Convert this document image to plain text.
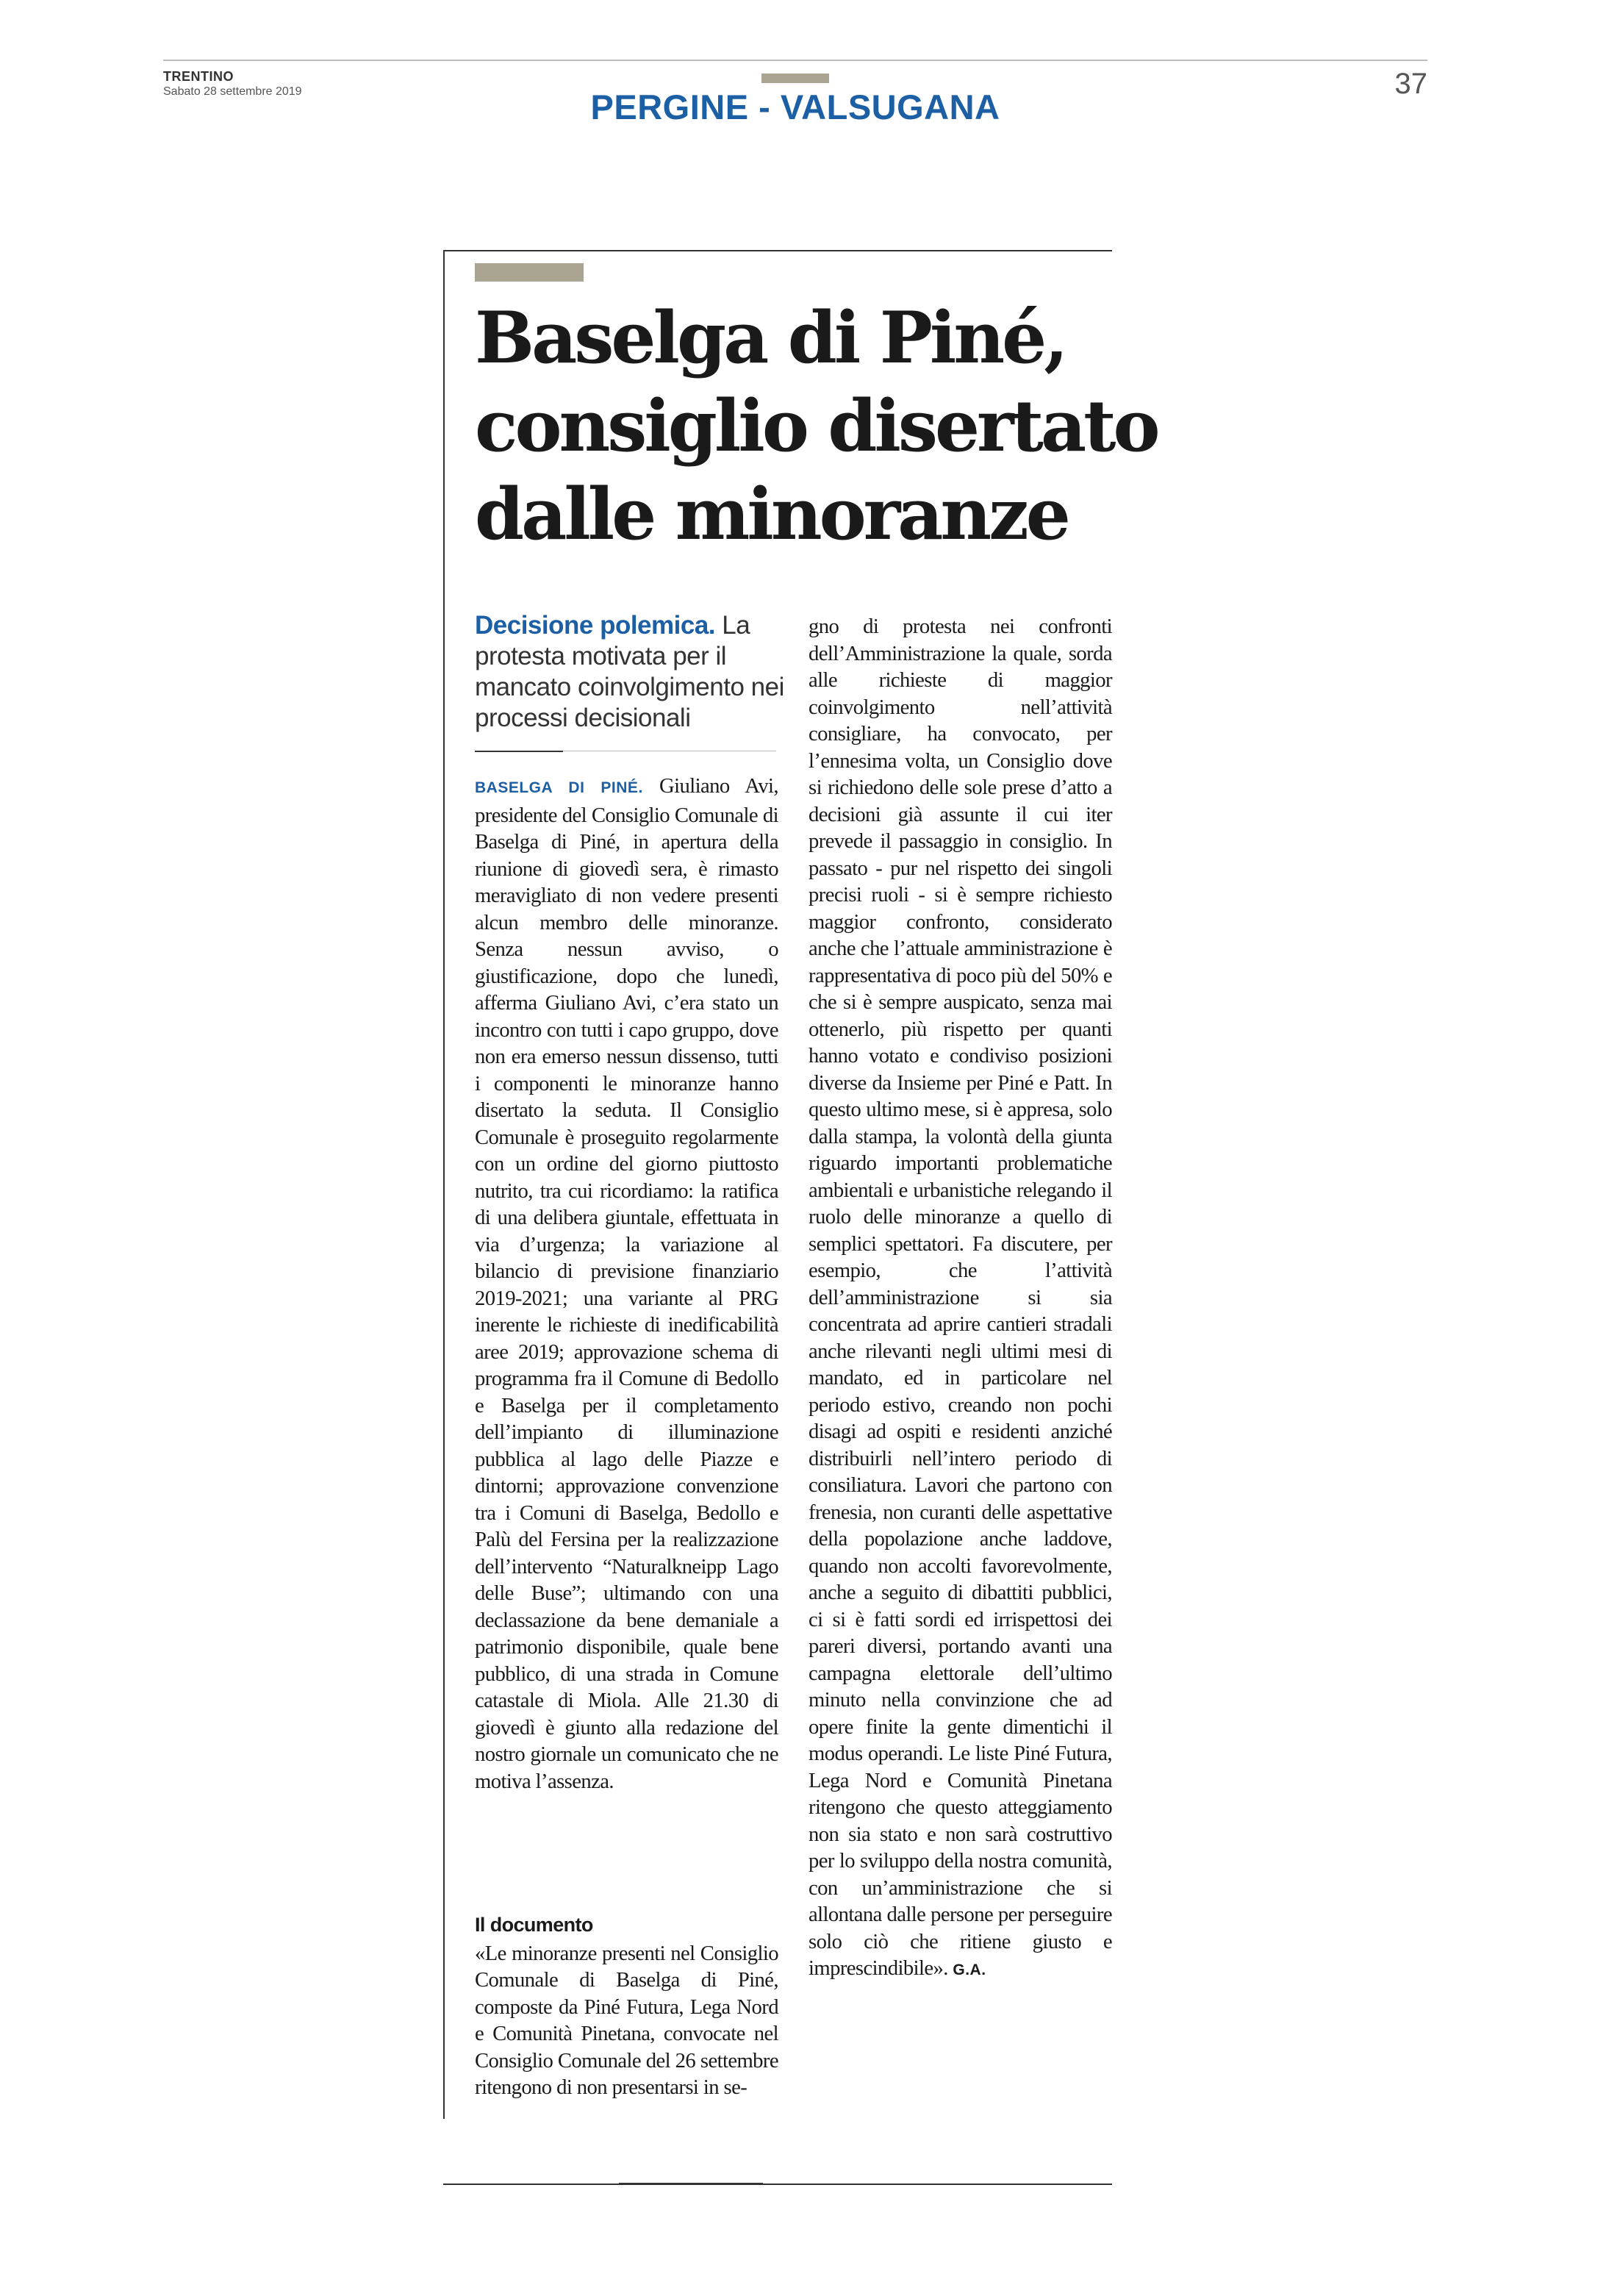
TRENTINO
Sabato 28 settembre 2019	PERGINE - VALSUGANA
37
Baselga di Piné,
consiglio disertato
dalle minoranze
Decisione polemica. La protesta motivata per il mancato coinvolgimento nei processi decisionali

BASELGA DI PINÉ. Giuliano Avi, presidente del Consiglio Comunale di Baselga di Piné, in apertura della riunione di giovedì sera, è rimasto meravigliato di non vedere presenti alcun membro delle minoranze. Senza nessun avviso, o giustificazione, dopo che lunedì, afferma Giuliano Avi, c’era stato un incontro con tutti i capo gruppo, dove non era emerso nessun dissenso, tutti i componenti le minoranze hanno disertato la seduta. Il Consiglio Comunale è proseguito regolarmente con un ordine del giorno piuttosto nutrito, tra cui ricordiamo: la ratifica di una delibera giuntale, effettuata in via d’urgenza; la variazione al bilancio di previsione finanziario 2019-2021; una variante al PRG inerente le richieste di inedificabilità aree 2019; approvazione schema di programma fra il Comune di Bedollo e Baselga per il completamento dell’impianto di illuminazione pubblica al lago delle Piazze e dintorni; approvazione convenzione tra i Comuni di Baselga, Bedollo e Palù del Fersina per la realizzazione dell’intervento “Naturalkneipp Lago delle Buse”; ultimando con una declassazione da bene demaniale a patrimonio disponibile, quale bene pubblico, di una strada in Comune catastale di Miola. Alle 21.30 di giovedì è giunto alla redazione del nostro giornale un comunicato che ne motiva l’assenza.

Il documento

«Le minoranze presenti nel Consiglio Comunale di Baselga di Piné, composte da Piné Futura, Lega Nord e Comunità Pinetana, convocate nel Consiglio Comunale del 26 settembre ritengono di non presentarsi in se-

gno di protesta nei confronti dell’Amministrazione la quale, sorda alle richieste di maggior coinvolgimento nell’attività consigliare, ha convocato, per l’ennesima volta, un Consiglio dove si richiedono delle sole prese d’atto a decisioni già assunte il cui iter prevede il passaggio in consiglio. In passato - pur nel rispetto dei singoli precisi ruoli - si è sempre richiesto maggior confronto, considerato anche che l’attuale amministrazione è rappresentativa di poco più del 50% e che si è sempre auspicato, senza mai ottenerlo, più rispetto per quanti hanno votato e condiviso posizioni diverse da Insieme per Piné e Patt. In questo ultimo mese, si è appresa, solo dalla stampa, la volontà della giunta riguardo importanti problematiche ambientali e urbanistiche relegando il ruolo delle minoranze a quello di semplici spettatori. Fa discutere, per esempio, che l’attività dell’amministrazione si sia concentrata ad aprire cantieri stradali anche rilevanti negli ultimi mesi di mandato, ed in particolare nel periodo estivo, creando non pochi disagi ad ospiti e residenti anziché distribuirli nell’intero periodo di consiliatura. Lavori che partono con frenesia, non curanti delle aspettative della popolazione anche laddove, quando non accolti favorevolmente, anche a seguito di dibattiti pubblici, ci si è fatti sordi ed irrispettosi dei pareri diversi, portando avanti una campagna elettorale dell’ultimo minuto nella convinzione che ad opere finite la gente dimentichi il modus operandi. Le liste Piné Futura, Lega Nord e Comunità Pinetana ritengono che questo atteggiamento non sia stato e non sarà costruttivo per lo sviluppo della nostra comunità, con un’amministrazione che si allontana dalle persone per perseguire solo ciò che ritiene giusto e imprescindibile». G.A.
